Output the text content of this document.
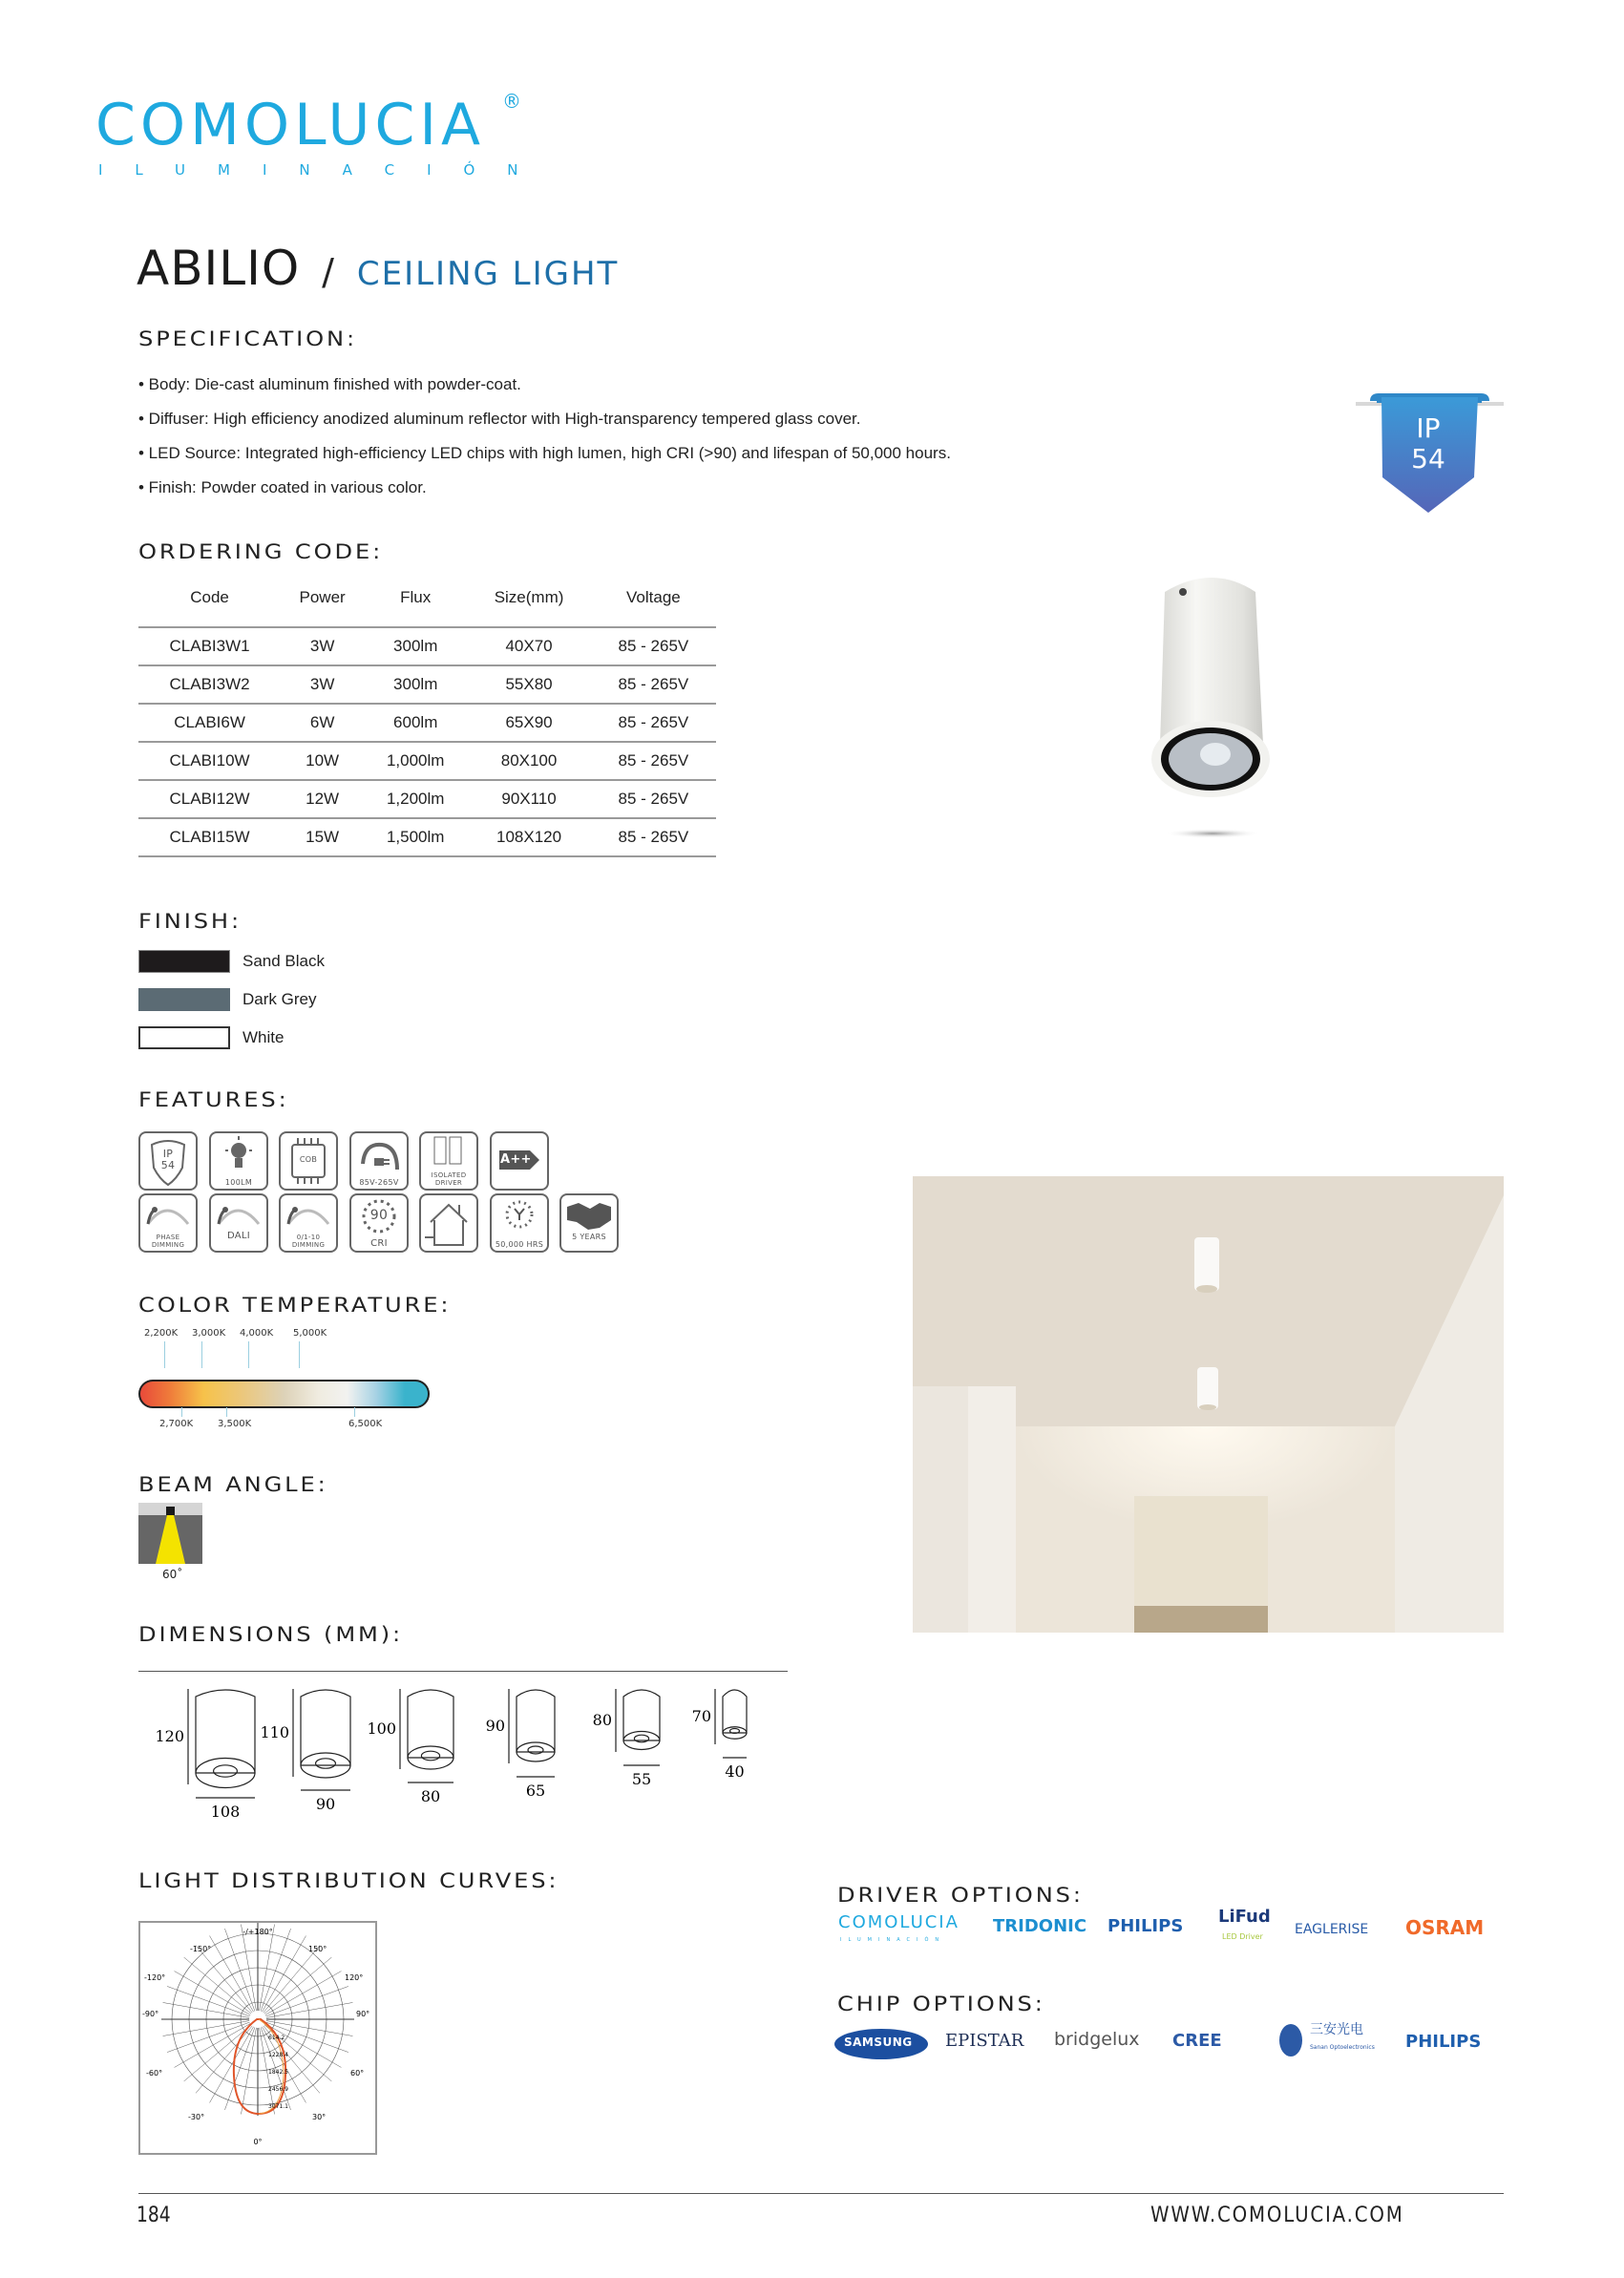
COMOLUCIA ®
ILUMINACIÓN
ABILIO / CEILING LIGHT
SPECIFICATION:
• Body: Die-cast aluminum finished with powder-coat.
• Diffuser: High efficiency anodized aluminum reflector with High-transparency tempered glass cover.
• LED Source: Integrated high-efficiency LED chips with high lumen, high CRI (>90) and lifespan of 50,000 hours.
• Finish: Powder coated in various color.
IP
54
ORDERING CODE:
Code	Power	Flux	Size(mm)	Voltage
CLABI3W1	3W	300lm	40X70	85 - 265V
CLABI3W2	3W	300lm	55X80	85 - 265V
CLABI6W	6W	600lm	65X90	85 - 265V
CLABI10W	10W	1,000lm	80X100	85 - 265V
CLABI12W	12W	1,200lm	90X110	85 - 265V
CLABI15W	15W	1,500lm	108X120	85 - 265V
FINISH:
Sand Black
Dark Grey
White
FEATURES:
IP 54
100LM
COB
85V-265V
ISOLATED DRIVER
A++
PHASE DIMMING
DALI	0/1-10 DIMMING
90
CRI	50,000 HRS
5 YEARS
COLOR TEMPERATURE:
2,200K 3,000K 4,000K 5,000K
2,700K	3,500K	6,500K
BEAM ANGLE:
60˚
DIMENSIONS (MM):
120
108
110
90
100
80
90
65
80
55
70
40
LIGHT DISTRIBUTION CURVES:
-/+180°
-150°	150°
-120°	120°
-90°	90°
-60°	60°
-30°	30°
0°
614.2
1228.4
1842.5
2456.9
3071.1
DRIVER OPTIONS:
COMOLUCIA
ILUMINACIÓN
TRIDONIC PHILIPS LiFud
LED Driver EAGLERISE OSRAM
CHIP OPTIONS:
SAMSUNG EPISTAR bridgelux CREE
三安光电
Sanan Optoelectronics PHILIPS
184	WWW.COMOLUCIA.COM
